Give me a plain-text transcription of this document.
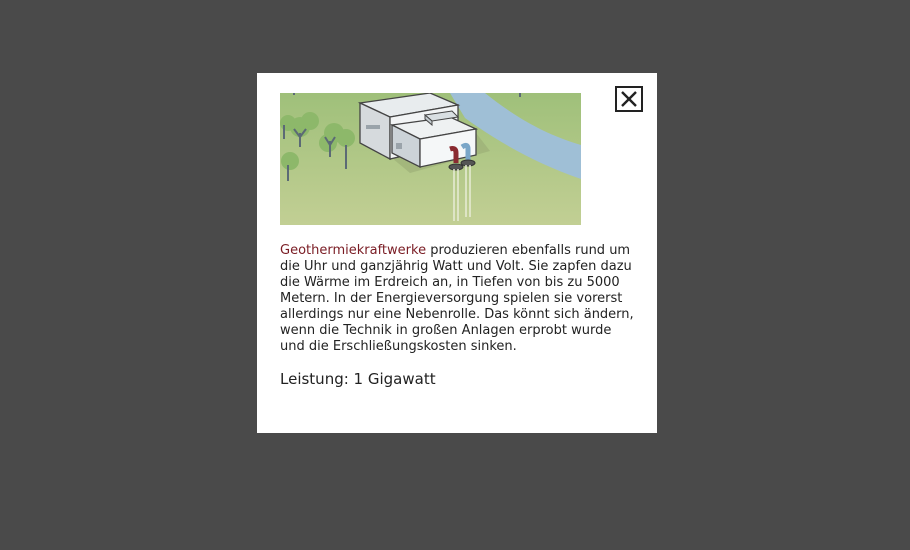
Geothermiekraftwerke produzieren ebenfalls rund um die Uhr und ganzjährig Watt und Volt. Sie zapfen dazu die Wärme im Erdreich an, in Tiefen von bis zu 5000 Metern. In der Energieversorgung spielen sie vorerst allerdings nur eine Nebenrolle. Das könnt sich ändern, wenn die Technik in großen Anlagen erprobt wurde und die Erschließungskosten sinken.
Leistung: 1 Gigawatt
